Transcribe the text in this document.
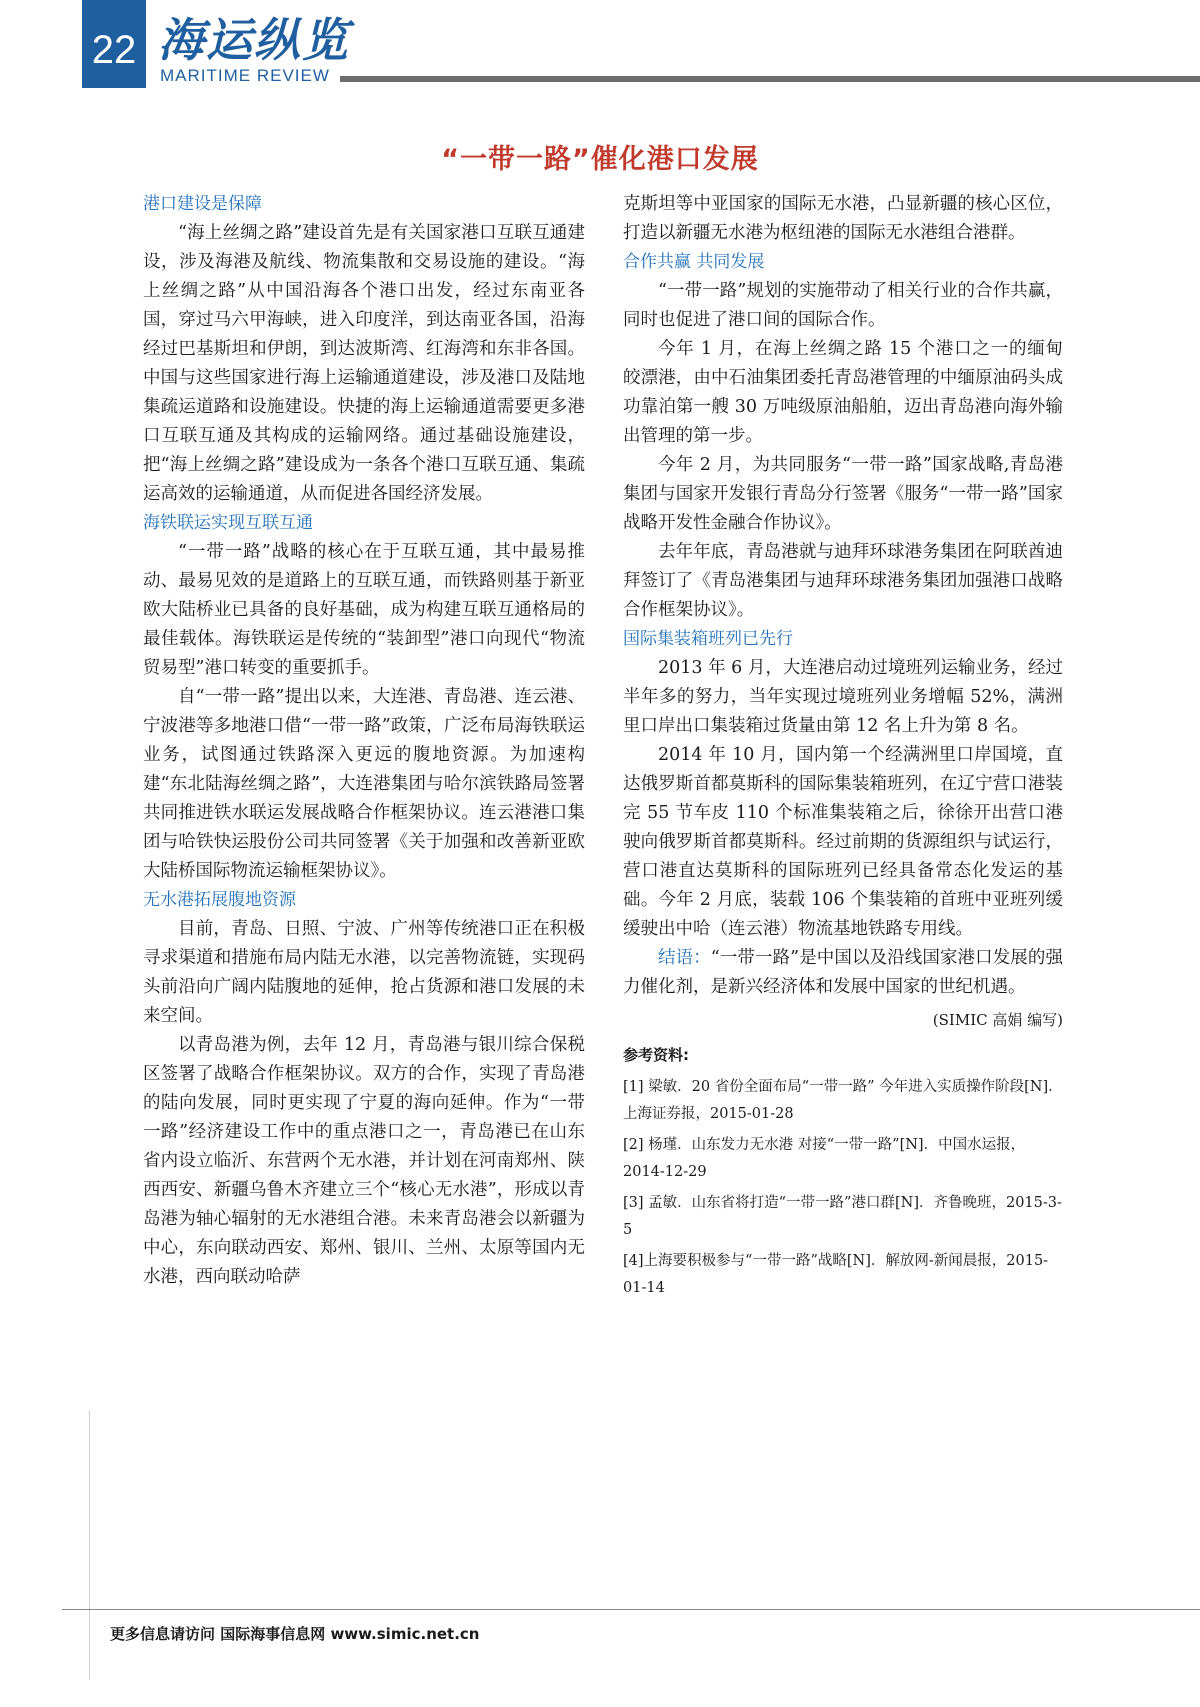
22 海运纵览
MARITIME REVIEW
“一带一路”催化港口发展
港口建设是保障

“海上丝绸之路”建设首先是有关国家港口互联互通建设，涉及海港及航线、物流集散和交易设施的建设。“海上丝绸之路”从中国沿海各个港口出发，经过东南亚各国，穿过马六甲海峡，进入印度洋，到达南亚各国，沿海经过巴基斯坦和伊朗，到达波斯湾、红海湾和东非各国。中国与这些国家进行海上运输通道建设，涉及港口及陆地集疏运道路和设施建设。快捷的海上运输通道需要更多港口互联互通及其构成的运输网络。通过基础设施建设，把“海上丝绸之路”建设成为一条各个港口互联互通、集疏运高效的运输通道，从而促进各国经济发展。

海铁联运实现互联互通

“一带一路”战略的核心在于互联互通，其中最易推动、最易见效的是道路上的互联互通，而铁路则基于新亚欧大陆桥业已具备的良好基础，成为构建互联互通格局的最佳载体。海铁联运是传统的“装卸型”港口向现代“物流贸易型”港口转变的重要抓手。

自“一带一路”提出以来，大连港、青岛港、连云港、宁波港等多地港口借“一带一路”政策，广泛布局海铁联运业务，试图通过铁路深入更远的腹地资源。为加速构建“东北陆海丝绸之路”，大连港集团与哈尔滨铁路局签署共同推进铁水联运发展战略合作框架协议。连云港港口集团与哈铁快运股份公司共同签署《关于加强和改善新亚欧大陆桥国际物流运输框架协议》。

无水港拓展腹地资源

目前，青岛、日照、宁波、广州等传统港口正在积极寻求渠道和措施布局内陆无水港，以完善物流链，实现码头前沿向广阔内陆腹地的延伸，抢占货源和港口发展的未来空间。

以青岛港为例，去年 12 月，青岛港与银川综合保税区签署了战略合作框架协议。双方的合作，实现了青岛港的陆向发展，同时更实现了宁夏的海向延伸。作为“一带一路”经济建设工作中的重点港口之一，青岛港已在山东省内设立临沂、东营两个无水港，并计划在河南郑州、陕西西安、新疆乌鲁木齐建立三个“核心无水港”，形成以青岛港为轴心辐射的无水港组合港。未来青岛港会以新疆为中心，东向联动西安、郑州、银川、兰州、太原等国内无水港，西向联动哈萨

克斯坦等中亚国家的国际无水港，凸显新疆的核心区位，打造以新疆无水港为枢纽港的国际无水港组合港群。

合作共赢 共同发展

“一带一路”规划的实施带动了相关行业的合作共赢，同时也促进了港口间的国际合作。

今年 1 月，在海上丝绸之路 15 个港口之一的缅甸皎漂港，由中石油集团委托青岛港管理的中缅原油码头成功靠泊第一艘 30 万吨级原油船舶，迈出青岛港向海外输出管理的第一步。

今年 2 月，为共同服务“一带一路”国家战略,青岛港集团与国家开发银行青岛分行签署《服务“一带一路”国家战略开发性金融合作协议》。

去年年底，青岛港就与迪拜环球港务集团在阿联酋迪拜签订了《青岛港集团与迪拜环球港务集团加强港口战略合作框架协议》。

国际集装箱班列已先行

2013 年 6 月，大连港启动过境班列运输业务，经过半年多的努力，当年实现过境班列业务增幅 52%，满洲里口岸出口集装箱过货量由第 12 名上升为第 8 名。

2014 年 10 月，国内第一个经满洲里口岸国境，直达俄罗斯首都莫斯科的国际集装箱班列，在辽宁营口港装完 55 节车皮 110 个标准集装箱之后，徐徐开出营口港驶向俄罗斯首都莫斯科。经过前期的货源组织与试运行，营口港直达莫斯科的国际班列已经具备常态化发运的基础。今年 2 月底，装载 106 个集装箱的首班中亚班列缓缓驶出中哈（连云港）物流基地铁路专用线。

结语：“一带一路”是中国以及沿线国家港口发展的强力催化剂，是新兴经济体和发展中国家的世纪机遇。

(SIMIC 高娟 编写)
参考资料:
[1] 梁敏．20 省份全面布局“一带一路” 今年进入实质操作阶段[N]．上海证券报，2015-01-28
[2] 杨瑾．山东发力无水港 对接“一带一路”[N]．中国水运报，2014-12-29
[3] 孟敏．山东省将打造“一带一路”港口群[N]．齐鲁晚班，2015-3-5
[4]上海要积极参与“一带一路”战略[N]．解放网-新闻晨报，2015-01-14
更多信息请访问 国际海事信息网 www.simic.net.cn
